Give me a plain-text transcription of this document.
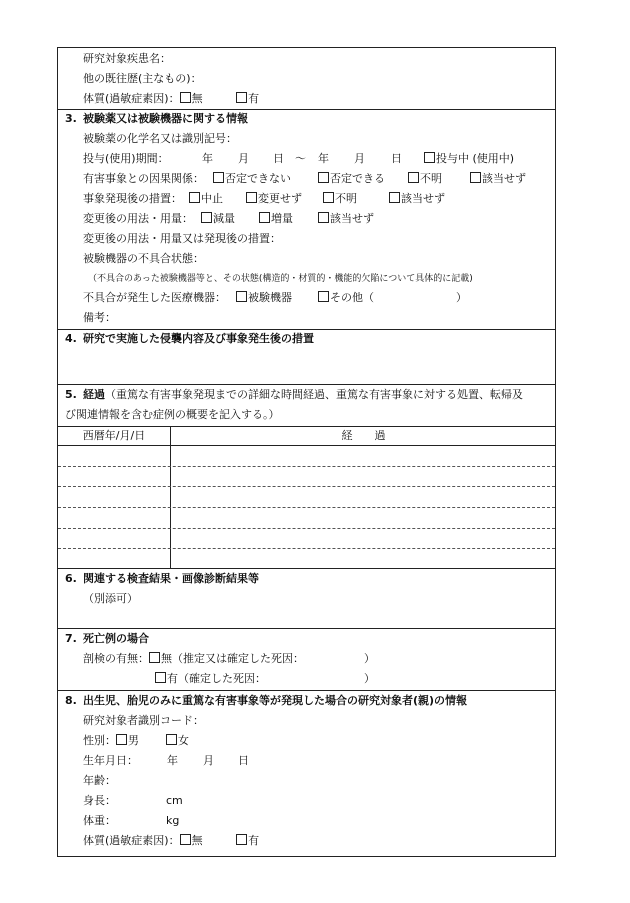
研究対象疾患名：
他の既往歴(主なもの)：
体質(過敏症素因)： 無	有
3. 被験薬又は被験機器に関する情報
被験薬の化学名又は識別記号：
投与(使用)期間：	年 月 日 ～ 年 月 日	投与中 (使用中)
有害事象との因果関係：	否定できない	否定できる	不明	該当せず
事象発現後の措置：	中止	変更せず	不明	該当せず
変更後の用法・用量：	減量	増量	該当せず
変更後の用法・用量又は発現後の措置：
被験機器の不具合状態：
（不具合のあった被験機器等と、その状態(構造的・材質的・機能的欠陥について具体的に記載)
不具合が発生した医療機器：	被験機器	その他（	）
備考：
4. 研究で実施した侵襲内容及び事象発生後の措置
5. 経過（重篤な有害事象発現までの詳細な時間経過、重篤な有害事象に対する処置、転帰及
び関連情報を含む症例の概要を記入する。）
西暦年/月/日	経　　過
6. 関連する検査結果・画像診断結果等
（別添可）
7. 死亡例の場合
剖検の有無： 無（推定又は確定した死因：	）
有（確定した死因：	）
8. 出生児、胎児のみに重篤な有害事象等が発現した場合の研究対象者(親)の情報
研究対象者識別コード：
性別： 男	女
生年月日：	年 月 日
年齢：
身長：	cm
体重：	kg
体質(過敏症素因)： 無	有
